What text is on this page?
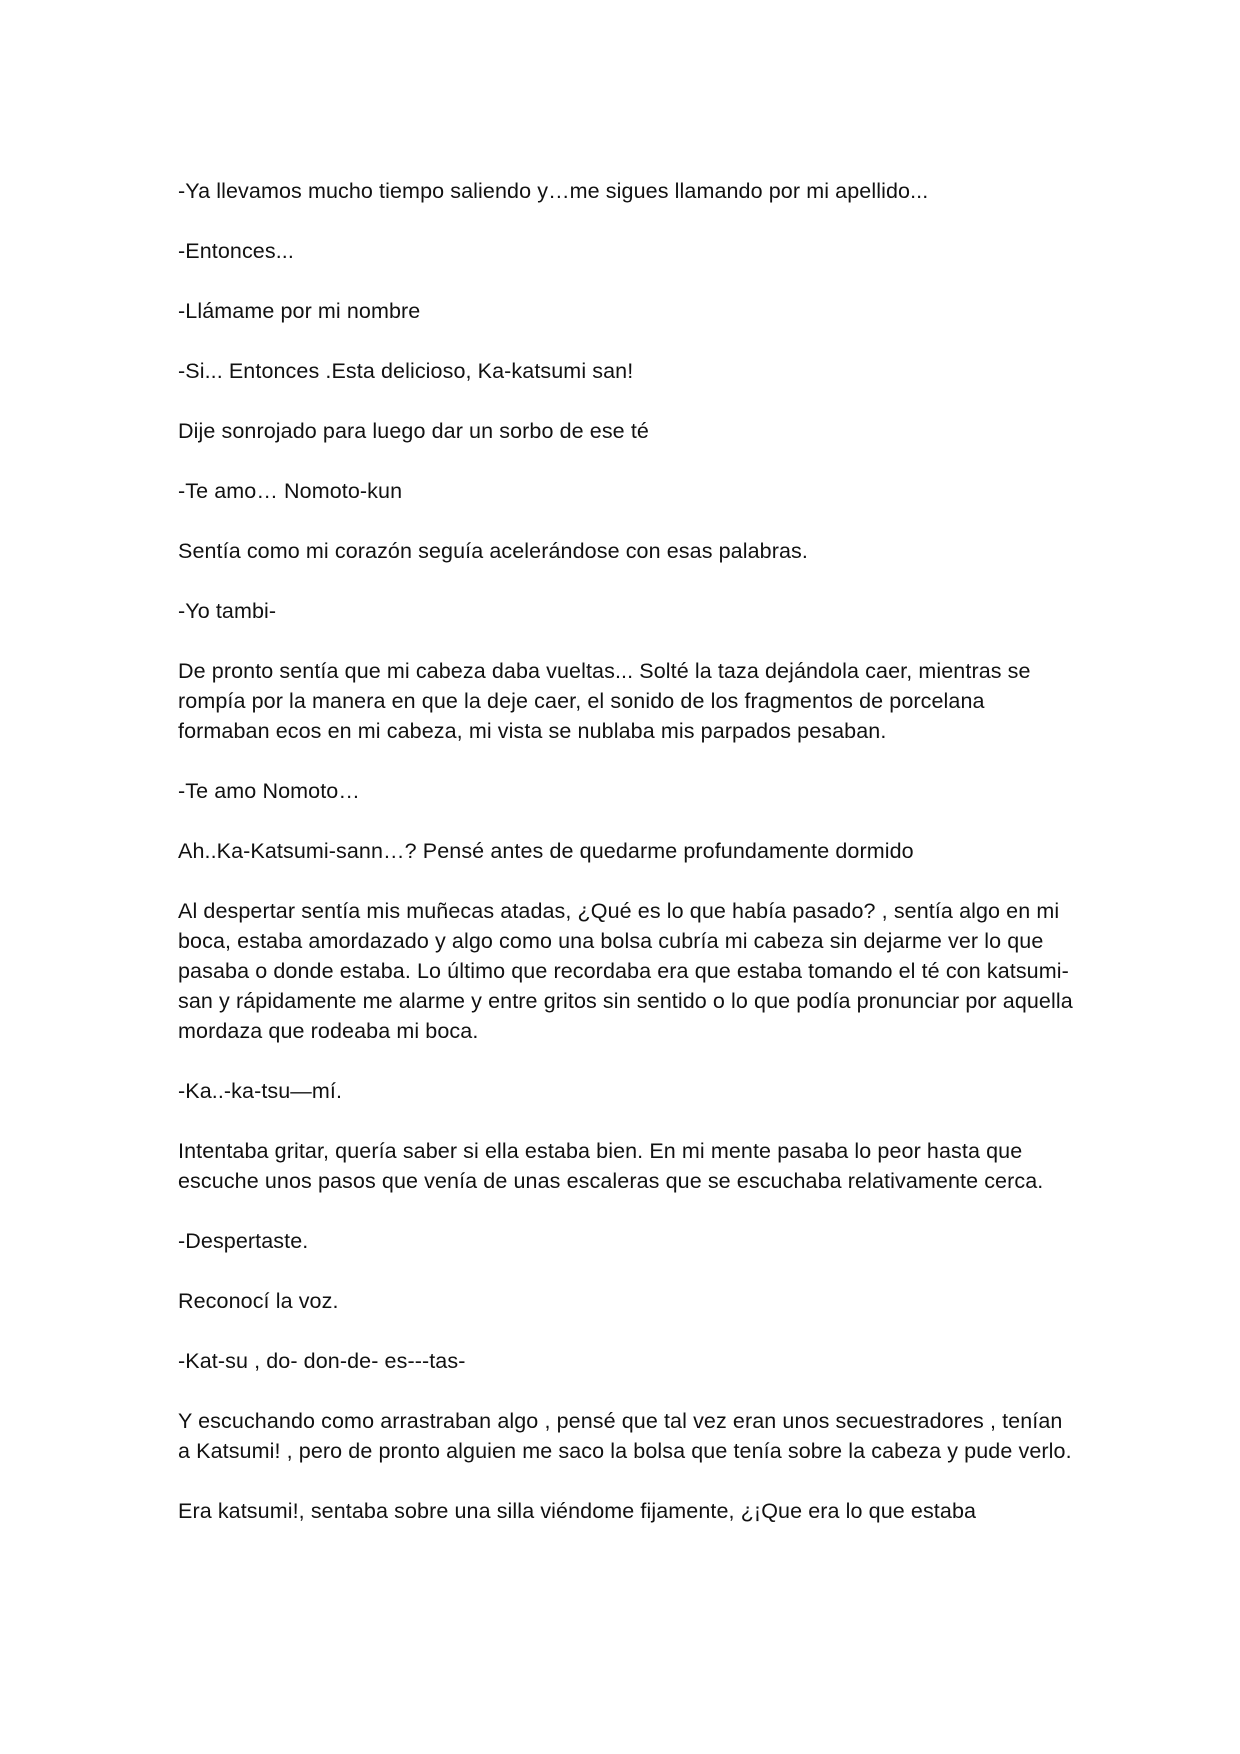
-Ya llevamos mucho tiempo saliendo y…me sigues llamando por mi apellido...

-Entonces...

-Llámame por mi nombre

-Si... Entonces .Esta delicioso, Ka-katsumi san!

Dije sonrojado para luego dar un sorbo de ese té

-Te amo… Nomoto-kun

Sentía como mi corazón seguía acelerándose con esas palabras.

-Yo tambi-

De pronto sentía que mi cabeza daba vueltas... Solté la taza dejándola caer, mientras se rompía por la manera en que la deje caer, el sonido de los fragmentos de porcelana formaban ecos en mi cabeza, mi vista se nublaba mis parpados pesaban.

-Te amo Nomoto…

Ah..Ka-Katsumi-sann…? Pensé antes de quedarme profundamente dormido

Al despertar sentía mis muñecas atadas, ¿Qué es lo que había pasado? , sentía algo en mi boca, estaba amordazado y algo como una bolsa cubría mi cabeza sin dejarme ver lo que pasaba o donde estaba. Lo último que recordaba era que estaba tomando el té con katsumi-san y rápidamente me alarme y entre gritos sin sentido o lo que podía pronunciar por aquella mordaza que rodeaba mi boca.

-Ka..-ka-tsu—mí.

Intentaba gritar, quería saber si ella estaba bien. En mi mente pasaba lo peor hasta que escuche unos pasos que venía de unas escaleras que se escuchaba relativamente cerca.

-Despertaste.

Reconocí la voz.

-Kat-su , do- don-de- es---tas-

Y escuchando como arrastraban algo , pensé que tal vez eran unos secuestradores , tenían a Katsumi! , pero de pronto alguien me saco la bolsa que tenía sobre la cabeza y pude verlo.

Era katsumi!, sentaba sobre una silla viéndome fijamente, ¿¡Que era lo que estaba
